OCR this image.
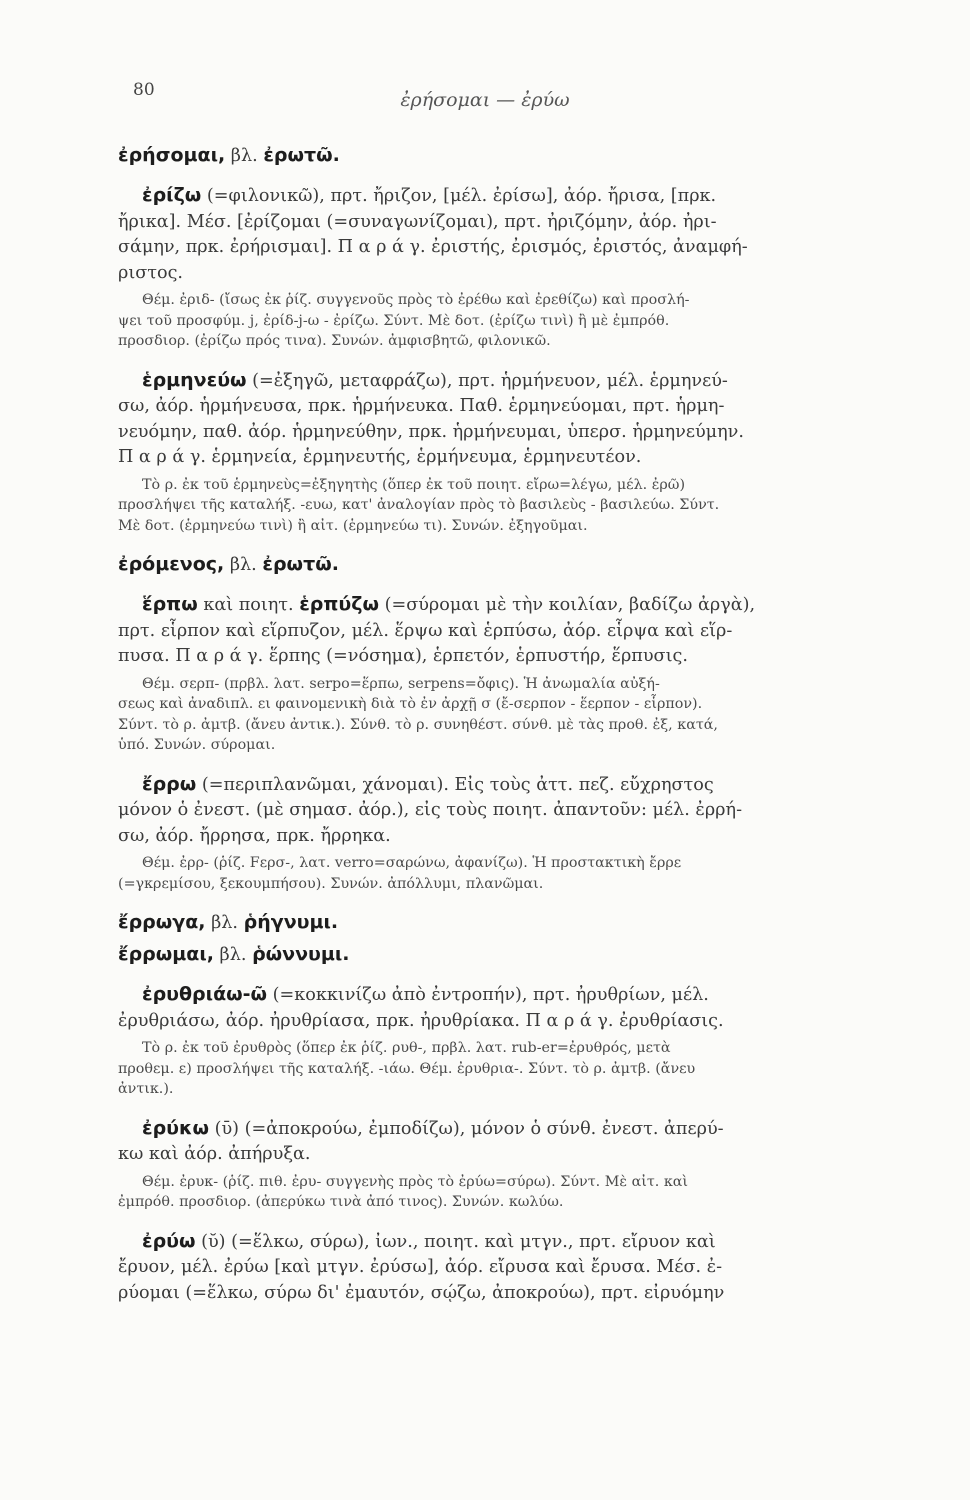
80	ἐρήσομαι — ἐρύω

ἐρήσομαι, βλ. ἐρωτῶ.

ἐρίζω (=φιλονικῶ), πρτ. ἤριζον, [μέλ. ἐρίσω], ἀόρ. ἤρισα, [πρκ.
ἤρικα]. Μέσ. [ἐρίζομαι (=συναγωνίζομαι), πρτ. ἠριζόμην, ἀόρ. ἠρι-
σάμην, πρκ. ἐρήρισμαι]. Π α ρ ά γ. ἐριστής, ἐρισμός, ἐριστός, ἀναμφή-
ριστος.

Θέμ. ἐριδ- (ἴσως ἐκ ῥίζ. συγγενοῦς πρὸς τὸ ἐρέθω καὶ ἐρεθίζω) καὶ προσλή-
ψει τοῦ προσφύμ. j, ἐρίδ-j-ω - ἐρίζω. Σύντ. Μὲ δοτ. (ἐρίζω τινὶ) ἢ μὲ ἐμπρόθ.
προσδιορ. (ἐρίζω πρός τινα). Συνών. ἀμφισβητῶ, φιλονικῶ.

ἑρμηνεύω (=ἐξηγῶ, μεταφράζω), πρτ. ἡρμήνευον, μέλ. ἑρμηνεύ-
σω, ἀόρ. ἡρμήνευσα, πρκ. ἡρμήνευκα. Παθ. ἑρμηνεύομαι, πρτ. ἡρμη-
νευόμην, παθ. ἀόρ. ἡρμηνεύθην, πρκ. ἡρμήνευμαι, ὑπερσ. ἡρμηνεύμην.
Π α ρ ά γ. ἑρμηνεία, ἑρμηνευτής, ἑρμήνευμα, ἑρμηνευτέον.

Τὸ ρ. ἐκ τοῦ ἑρμηνεὺς=ἐξηγητὴς (ὅπερ ἐκ τοῦ ποιητ. εἴρω=λέγω, μέλ. ἐρῶ)
προσλήψει τῆς καταλήξ. -ευω, κατ' ἀναλογίαν πρὸς τὸ βασιλεὺς - βασιλεύω. Σύντ.
Μὲ δοτ. (ἑρμηνεύω τινὶ) ἢ αἰτ. (ἑρμηνεύω τι). Συνών. ἐξηγοῦμαι.

ἐρόμενος, βλ. ἐρωτῶ.

ἕρπω καὶ ποιητ. ἑρπύζω (=σύρομαι μὲ τὴν κοιλίαν, βαδίζω ἀργὰ),
πρτ. εἷρπον καὶ εἵρπυζον, μέλ. ἕρψω καὶ ἑρπύσω, ἀόρ. εἷρψα καὶ εἵρ-
πυσα. Π α ρ ά γ. ἕρπης (=νόσημα), ἑρπετόν, ἑρπυστήρ, ἕρπυσις.

Θέμ. σερπ- (πρβλ. λατ. serpo=ἕρπω, serpens=ὄφις). Ἡ ἀνωμαλία αὐξή-
σεως καὶ ἀναδιπλ. ει φαινομενικὴ διὰ τὸ ἐν ἀρχῇ σ (ἔ-σερπον - ἕερπον - εἷρπον).
Σύντ. τὸ ρ. ἀμτβ. (ἄνευ ἀντικ.). Σύνθ. τὸ ρ. συνηθέστ. σύνθ. μὲ τὰς προθ. ἐξ, κατά,
ὑπό. Συνών. σύρομαι.

ἔρρω (=περιπλανῶμαι, χάνομαι). Εἰς τοὺς ἀττ. πεζ. εὔχρηστος
μόνον ὁ ἐνεστ. (μὲ σημασ. ἀόρ.), εἰς τοὺς ποιητ. ἀπαντοῦν: μέλ. ἐρρή-
σω, ἀόρ. ἤρρησα, πρκ. ἤρρηκα.

Θέμ. ἐρρ- (ῥίζ. Fερσ-, λατ. verro=σαρώνω, ἀφανίζω). Ἡ προστακτικὴ ἔρρε
(=γκρεμίσου, ξεκουμπήσου). Συνών. ἀπόλλυμι, πλανῶμαι.

ἔρρωγα, βλ. ῥήγνυμι.

ἔρρωμαι, βλ. ῥώννυμι.

ἐρυθριάω-ῶ (=κοκκινίζω ἀπὸ ἐντροπήν), πρτ. ἠρυθρίων, μέλ.
ἐρυθριάσω, ἀόρ. ἠρυθρίασα, πρκ. ἠρυθρίακα. Π α ρ ά γ. ἐρυθρίασις.

Τὸ ρ. ἐκ τοῦ ἐρυθρὸς (ὅπερ ἐκ ῥίζ. ρυθ-, πρβλ. λατ. rub-er=ἐρυθρός, μετὰ
προθεμ. ε) προσλήψει τῆς καταλήξ. -ιάω. Θέμ. ἐρυθρια-. Σύντ. τὸ ρ. ἀμτβ. (ἄνευ
ἀντικ.).

ἐρύκω (ῡ) (=ἀποκρούω, ἐμποδίζω), μόνον ὁ σύνθ. ἐνεστ. ἀπερύ-
κω καὶ ἀόρ. ἀπήρυξα.

Θέμ. ἐρυκ- (ῥίζ. πιθ. ἐρυ- συγγενὴς πρὸς τὸ ἐρύω=σύρω). Σύντ. Μὲ αἰτ. καὶ
ἐμπρόθ. προσδιορ. (ἀπερύκω τινὰ ἀπό τινος). Συνών. κωλύω.

ἐρύω (ῠ) (=ἕλκω, σύρω), ἰων., ποιητ. καὶ μτγν., πρτ. εἴρυον καὶ
ἔρυον, μέλ. ἐρύω [καὶ μτγν. ἐρύσω], ἀόρ. εἴρυσα καὶ ἔρυσα. Μέσ. ἐ-
ρύομαι (=ἕλκω, σύρω δι' ἐμαυτόν, σῴζω, ἀποκρούω), πρτ. εἰρυόμην
